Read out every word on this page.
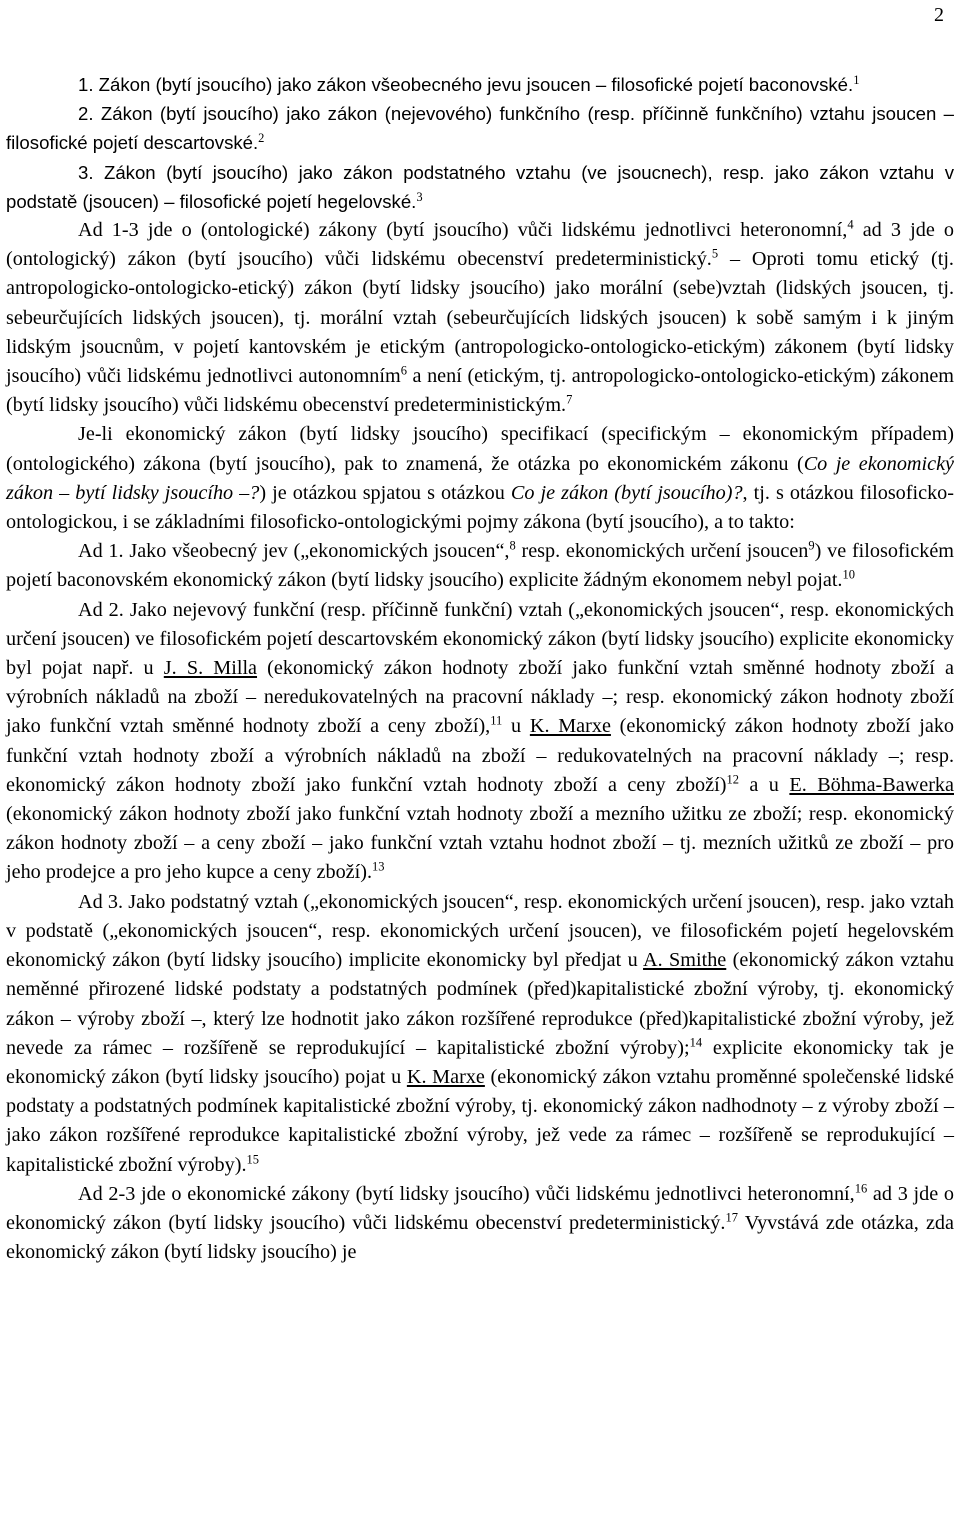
2

1. Zákon (bytí jsoucího) jako zákon všeobecného jevu jsoucen – filosofické pojetí baconovské.$^1$

2. Zákon (bytí jsoucího) jako zákon (nejevového) funkčního (resp. příčinně funkčního) vztahu jsoucen – filosofické pojetí descartovské.$^2$

3. Zákon (bytí jsoucího) jako zákon podstatného vztahu (ve jsoucnech), resp. jako zákon vztahu v podstatě (jsoucen) – filosofické pojetí hegelovské.$^3$

Ad 1-3 jde o (ontologické) zákony (bytí jsoucího) vůči lidskému jednotlivci heteronomní,$^4$ ad 3 jde o (ontologický) zákon (bytí jsoucího) vůči lidskému obecenství predeterministický.$^5$ – Oproti tomu etický (tj. antropologicko-ontologicko-etický) zákon (bytí lidsky jsoucího) jako morální (sebe)vztah (lidských jsoucen, tj. sebeurčujících lidských jsoucen), tj. morální vztah (sebeurčujících lidských jsoucen) k sobě samým i k jiným lidským jsoucnům, v pojetí kantovském je etickým (antropologicko-ontologicko-etickým) zákonem (bytí lidsky jsoucího) vůči lidskému jednotlivci autonomním$^6$ a není (etickým, tj. antropologicko-ontologicko-etickým) zákonem (bytí lidsky jsoucího) vůči lidskému obecenství predeterministickým.$^7$

Je-li ekonomický zákon (bytí lidsky jsoucího) specifikací (specifickým – ekonomickým případem) (ontologického) zákona (bytí jsoucího), pak to znamená, že otázka po ekonomickém zákonu (Co je ekonomický zákon – bytí lidsky jsoucího –?) je otázkou spjatou s otázkou Co je zákon (bytí jsoucího)?, tj. s otázkou filosoficko-ontologickou, i se základními filosoficko-ontologickými pojmy zákona (bytí jsoucího), a to takto:

Ad 1. Jako všeobecný jev („ekonomických jsoucen“,$^8$ resp. ekonomických určení jsoucen$^9$) ve filosofickém pojetí baconovském ekonomický zákon (bytí lidsky jsoucího) explicite žádným ekonomem nebyl pojat.$^{10}$

Ad 2. Jako nejevový funkční (resp. příčinně funkční) vztah („ekonomických jsoucen“, resp. ekonomických určení jsoucen) ve filosofickém pojetí descartovském ekonomický zákon (bytí lidsky jsoucího) explicite ekonomicky byl pojat např. u J. S. Milla (ekonomický zákon hodnoty zboží jako funkční vztah směnné hodnoty zboží a výrobních nákladů na zboží – neredukovatelných na pracovní náklady –; resp. ekonomický zákon hodnoty zboží jako funkční vztah směnné hodnoty zboží a ceny zboží),$^{11}$ u K. Marxe (ekonomický zákon hodnoty zboží jako funkční vztah hodnoty zboží a výrobních nákladů na zboží – redukovatelných na pracovní náklady –; resp. ekonomický zákon hodnoty zboží jako funkční vztah hodnoty zboží a ceny zboží)$^{12}$ a u E. Böhma-Bawerka (ekonomický zákon hodnoty zboží jako funkční vztah hodnoty zboží a mezního užitku ze zboží; resp. ekonomický zákon hodnoty zboží – a ceny zboží – jako funkční vztah vztahu hodnot zboží – tj. mezních užitků ze zboží – pro jeho prodejce a pro jeho kupce a ceny zboží).$^{13}$

Ad 3. Jako podstatný vztah („ekonomických jsoucen“, resp. ekonomických určení jsoucen), resp. jako vztah v podstatě („ekonomických jsoucen“, resp. ekonomických určení jsoucen), ve filosofickém pojetí hegelovském ekonomický zákon (bytí lidsky jsoucího) implicite ekonomicky byl předjat u A. Smithe (ekonomický zákon vztahu neměnné přirozené lidské podstaty a podstatných podmínek (před)kapitalistické zbožní výroby, tj. ekonomický zákon – výroby zboží –, který lze hodnotit jako zákon rozšířené reprodukce (před)kapitalistické zbožní výroby, jež nevede za rámec – rozšířeně se reprodukující – kapitalistické zbožní výroby);$^{14}$ explicite ekonomicky tak je ekonomický zákon (bytí lidsky jsoucího) pojat u K. Marxe (ekonomický zákon vztahu proměnné společenské lidské podstaty a podstatných podmínek kapitalistické zbožní výroby, tj. ekonomický zákon nadhodnoty – z výroby zboží – jako zákon rozšířené reprodukce kapitalistické zbožní výroby, jež vede za rámec – rozšířeně se reprodukující – kapitalistické zbožní výroby).$^{15}$

Ad 2-3 jde o ekonomické zákony (bytí lidsky jsoucího) vůči lidskému jednotlivci heteronomní,$^{16}$ ad 3 jde o ekonomický zákon (bytí lidsky jsoucího) vůči lidskému obecenství predeterministický.$^{17}$ Vyvstává zde otázka, zda ekonomický zákon (bytí lidsky jsoucího) je
